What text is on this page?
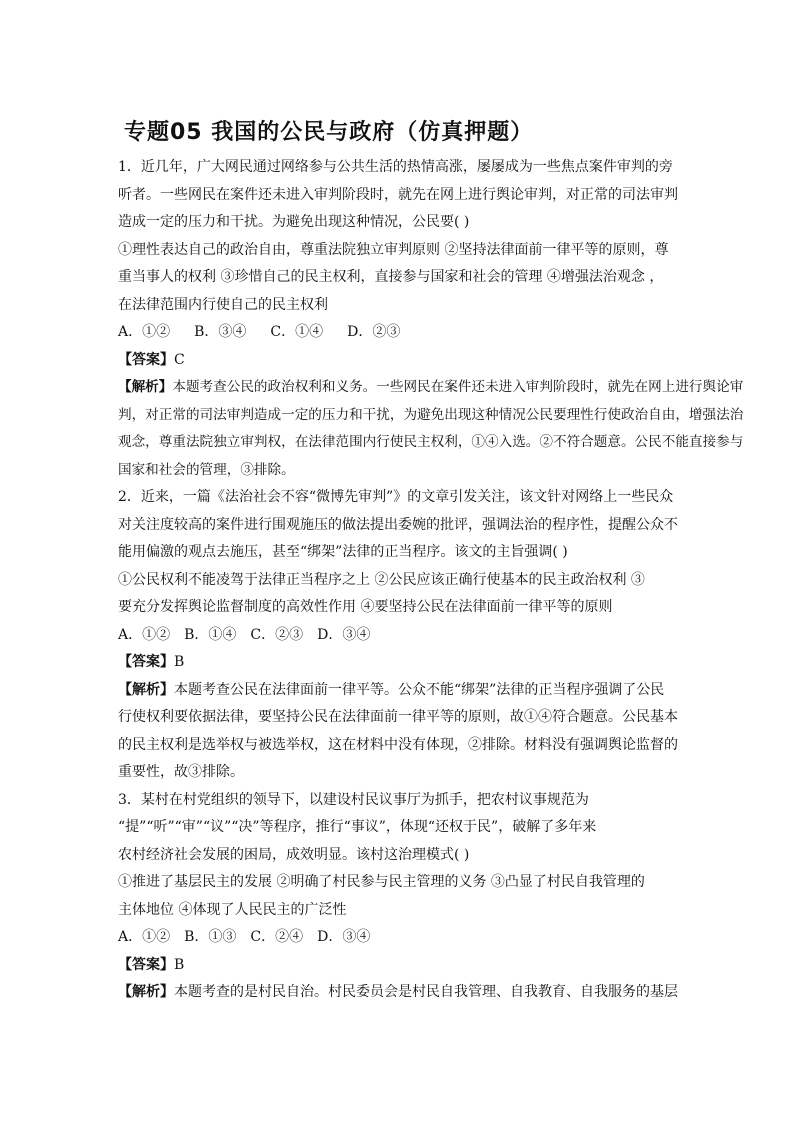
专题05 我国的公民与政府（仿真押题）
1．近几年，广大网民通过网络参与公共生活的热情高涨，屡屡成为一些焦点案件审判的旁
听者。一些网民在案件还未进入审判阶段时，就先在网上进行舆论审判，对正常的司法审判
造成一定的压力和干扰。为避免出现这种情况，公民要( )
①理性表达自己的政治自由，尊重法院独立审判原则 ②坚持法律面前一律平等的原则，尊
重当事人的权利 ③珍惜自己的民主权利，直接参与国家和社会的管理 ④增强法治观念 ，
在法律范围内行使自己的民主权利
A．①② B．③④ C．①④ D．②③
【答案】C
【解析】本题考查公民的政治权利和义务。一些网民在案件还未进入审判阶段时，就先在网上进行舆论审
判，对正常的司法审判造成一定的压力和干扰，为避免出现这种情况公民要理性行使政治自由，增强法治
观念，尊重法院独立审判权，在法律范围内行使民主权利，①④入选。②不符合题意。公民不能直接参与
国家和社会的管理，③排除。
2．近来，一篇《法治社会不容“微博先审判”》的文章引发关注，该文针对网络上一些民众
对关注度较高的案件进行围观施压的做法提出委婉的批评，强调法治的程序性，提醒公众不
能用偏激的观点去施压，甚至“绑架”法律的正当程序。该文的主旨强调( )
①公民权利不能凌驾于法律正当程序之上 ②公民应该正确行使基本的民主政治权利 ③
要充分发挥舆论监督制度的高效性作用 ④要坚持公民在法律面前一律平等的原则
A．①② B．①④ C．②③ D．③④
【答案】B
【解析】本题考查公民在法律面前一律平等。公众不能“绑架”法律的正当程序强调了公民
行使权利要依据法律，要坚持公民在法律面前一律平等的原则，故①④符合题意。公民基本
的民主权利是选举权与被选举权，这在材料中没有体现，②排除。材料没有强调舆论监督的
重要性，故③排除。
3．某村在村党组织的领导下，以建设村民议事厅为抓手，把农村议事规范为
“提”“听”“审”“议”“决”等程序，推行“事议”，体现“还权于民”，破解了多年来
农村经济社会发展的困局，成效明显。该村这治理模式( )
①推进了基层民主的发展 ②明确了村民参与民主管理的义务 ③凸显了村民自我管理的
主体地位 ④体现了人民民主的广泛性
A．①② B．①③ C．②④ D．③④
【答案】B
【解析】本题考查的是村民自治。村民委员会是村民自我管理、自我教育、自我服务的基层
